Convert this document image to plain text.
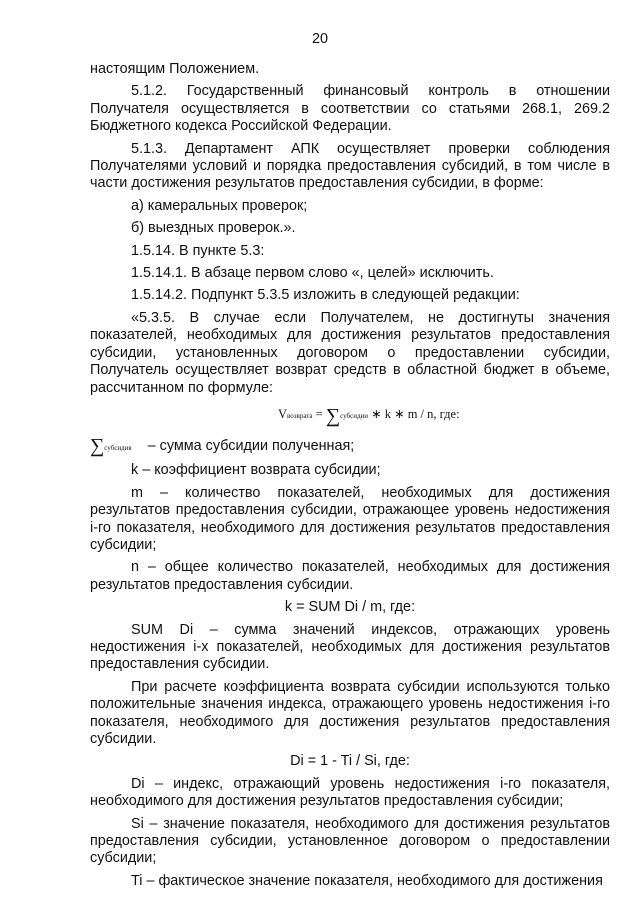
20

настоящим Положением.

5.1.2. Государственный финансовый контроль в отношении Получателя осуществляется в соответствии со статьями 268.1, 269.2 Бюджетного кодекса Российской Федерации.

5.1.3. Департамент АПК осуществляет проверки соблюдения Получателями условий и порядка предоставления субсидий, в том числе в части достижения результатов предоставления субсидии, в форме:

а) камеральных проверок;

б) выездных проверок.».

1.5.14. В пункте 5.3:

1.5.14.1. В абзаце первом слово «, целей» исключить.

1.5.14.2. Подпункт 5.3.5 изложить в следующей редакции:

«5.3.5. В случае если Получателем, не достигнуты значения показателей, необходимых для достижения результатов предоставления субсидии, установленных договором о предоставлении субсидии, Получатель осуществляет возврат средств в областной бюджет в объеме, рассчитанном по формуле:

Vвозврата = ∑субсидии ∗ k ∗ m / n, где:

∑субсидия – сумма субсидии полученная;

k – коэффициент возврата субсидии;

m – количество показателей, необходимых для достижения результатов предоставления субсидии, отражающее уровень недостижения i-го показателя, необходимого для достижения результатов предоставления субсидии;

n – общее количество показателей, необходимых для достижения результатов предоставления субсидии.

k = SUM Di / m, где:

SUM Di – сумма значений индексов, отражающих уровень недостижения i-х показателей, необходимых для достижения результатов предоставления субсидии.

При расчете коэффициента возврата субсидии используются только положительные значения индекса, отражающего уровень недостижения i-го показателя, необходимого для достижения результатов предоставления субсидии.

Di = 1 - Ti / Si, где:

Di – индекс, отражающий уровень недостижения i-го показателя, необходимого для достижения результатов предоставления субсидии;

Si – значение показателя, необходимого для достижения результатов предоставления субсидии, установленное договором о предоставлении субсидии;

Ti – фактическое значение показателя, необходимого для достижения
